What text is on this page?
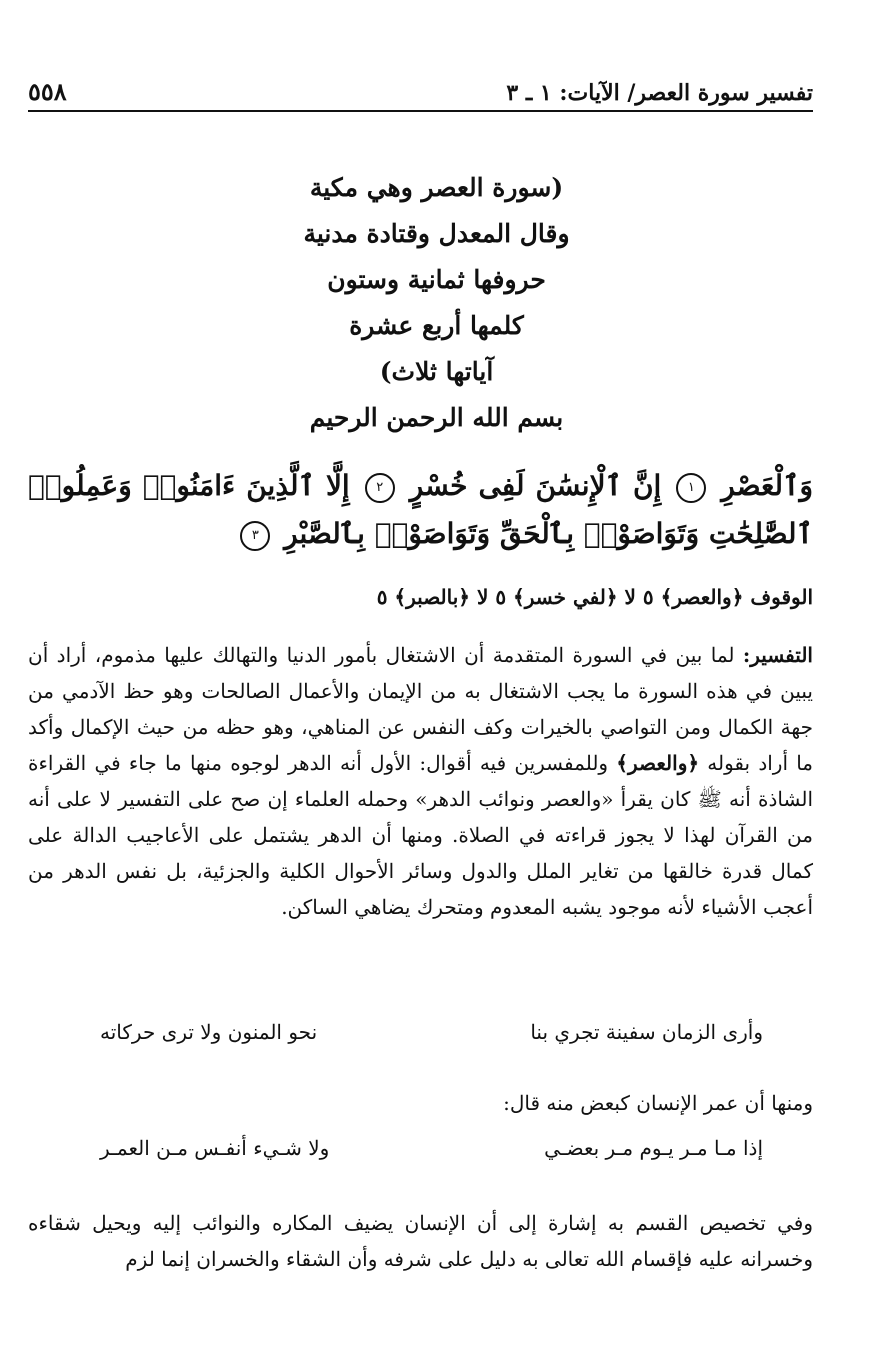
تفسير سورة العصر/ الآيات: ١ ـ ٣
٥٥٨
(سورة العصر وهي مكية
وقال المعدل وقتادة مدنية
حروفها ثمانية وستون
كلمها أربع عشرة
آياتها ثلاث)
بسم الله الرحمن الرحيم
وَٱلْعَصْرِ ١ إِنَّ ٱلْإِنسَٰنَ لَفِى خُسْرٍ ٢ إِلَّا ٱلَّذِينَ ءَامَنُوا۟ وَعَمِلُوا۟ ٱلصَّٰلِحَٰتِ وَتَوَاصَوْا۟ بِٱلْحَقِّ وَتَوَاصَوْا۟ بِٱلصَّبْرِ ٣
الوقوف ﴿والعصر﴾ ٥ لا ﴿لفي خسر﴾ ٥ لا ﴿بالصبر﴾ ٥
التفسير: لما بين في السورة المتقدمة أن الاشتغال بأمور الدنيا والتهالك عليها مذموم، أراد أن يبين في هذه السورة ما يجب الاشتغال به من الإيمان والأعمال الصالحات وهو حظ الآدمي من جهة الكمال ومن التواصي بالخيرات وكف النفس عن المناهي، وهو حظه من حيث الإكمال وأكد ما أراد بقوله ﴿والعصر﴾ وللمفسرين فيه أقوال: الأول أنه الدهر لوجوه منها ما جاء في القراءة الشاذة أنه ﷺ كان يقرأ «والعصر ونوائب الدهر» وحمله العلماء إن صح على التفسير لا على أنه من القرآن لهذا لا يجوز قراءته في الصلاة. ومنها أن الدهر يشتمل على الأعاجيب الدالة على كمال قدرة خالقها من تغاير الملل والدول وسائر الأحوال الكلية والجزئية، بل نفس الدهر من أعجب الأشياء لأنه موجود يشبه المعدوم ومتحرك يضاهي الساكن.
وأرى الزمان سفينة تجري بنا
نحو المنون ولا ترى حركاته
ومنها أن عمر الإنسان كبعض منه قال:
إذا مـا مـر يـوم مـر بعضـي
ولا شـيء أنفـس مـن العمـر
وفي تخصيص القسم به إشارة إلى أن الإنسان يضيف المكاره والنوائب إليه ويحيل شقاءه وخسرانه عليه فإقسام الله تعالى به دليل على شرفه وأن الشقاء والخسران إنما لزم
